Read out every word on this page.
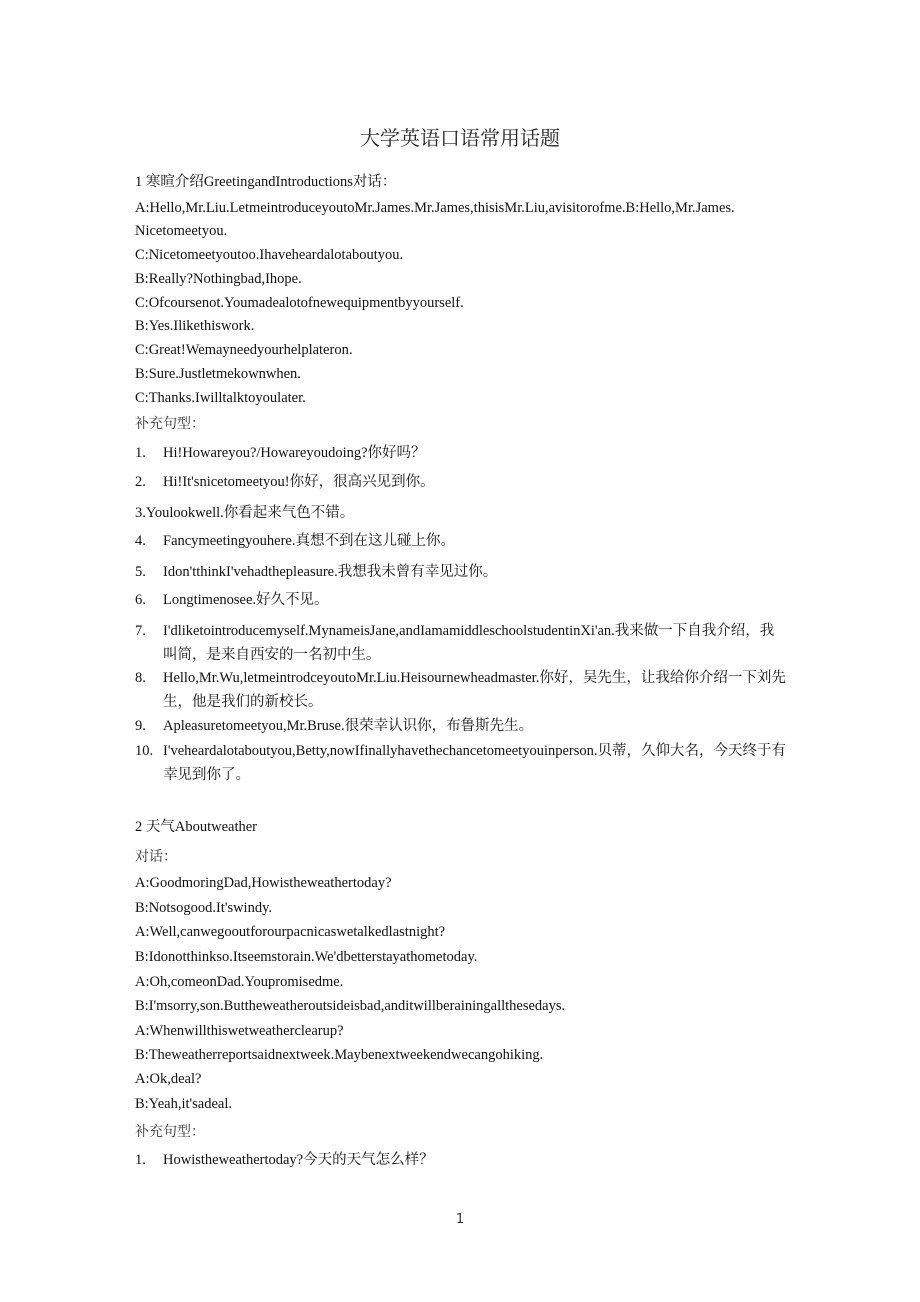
大学英语口语常用话题
1 寒暄介绍GreetingandIntroductions对话：
A:Hello,Mr.Liu.LetmeintroduceyoutoMr.James.Mr.James,thisisMr.Liu,avisitorofme.B:Hello,Mr.James.
Nicetomeetyou.
C:Nicetomeetyoutoo.Ihaveheardalotaboutyou.
B:Really?Nothingbad,Ihope.
C:Ofcoursenot.Youmadealotofnewequipmentbyyourself.
B:Yes.Ilikethiswork.
C:Great!Wemayneedyourhelplateron.
B:Sure.Justletmekownwhen.
C:Thanks.Iwilltalktoyoulater.
补充句型：
1. Hi!Howareyou?/Howareyoudoing?你好吗？
2. Hi!It'snicetomeetyou!你好，很高兴见到你。
3.Youlookwell.你看起来气色不错。
4. Fancymeetingyouhere.真想不到在这儿碰上你。
5. Idon'tthinkI'vehadthepleasure.我想我未曾有幸见过你。
6. Longtimenosee.好久不见。
7. I'dliketointroducemyself.MynameisJane,andIamamiddleschoolstudentinXi'an.我来做一下自我介绍，我叫简，是来自西安的一名初中生。
8. Hello,Mr.Wu,letmeintrodceyoutoMr.Liu.Heisournewheadmaster.你好，吴先生，让我给你介绍一下刘先生，他是我们的新校长。
9. Apleasuretomeetyou,Mr.Bruse.很荣幸认识你，布鲁斯先生。
10. I'veheardalotaboutyou,Betty,nowIfinallyhavethechancetomeetyouinperson.贝蒂，久仰大名，今天终于有幸见到你了。
2 天气Aboutweather
对话：
A:GoodmoringDad,Howistheweathertoday?
B:Notsogood.It'swindy.
A:Well,canwegooutforourpacnicaswetalkedlastnight?
B:Idonotthinkso.Itseemstorain.We'dbetterstayathometoday.
A:Oh,comeonDad.Youpromisedme.
B:I'msorry,son.Buttheweatheroutsideisbad,anditwillberainingallthesedays.
A:Whenwillthiswetweatherclearup?
B:Theweatherreportsaidnextweek.Maybenextweekendwecangohiking.
A:Ok,deal?
B:Yeah,it'sadeal.
补充句型：
1. Howistheweathertoday?今天的天气怎么样？
1
